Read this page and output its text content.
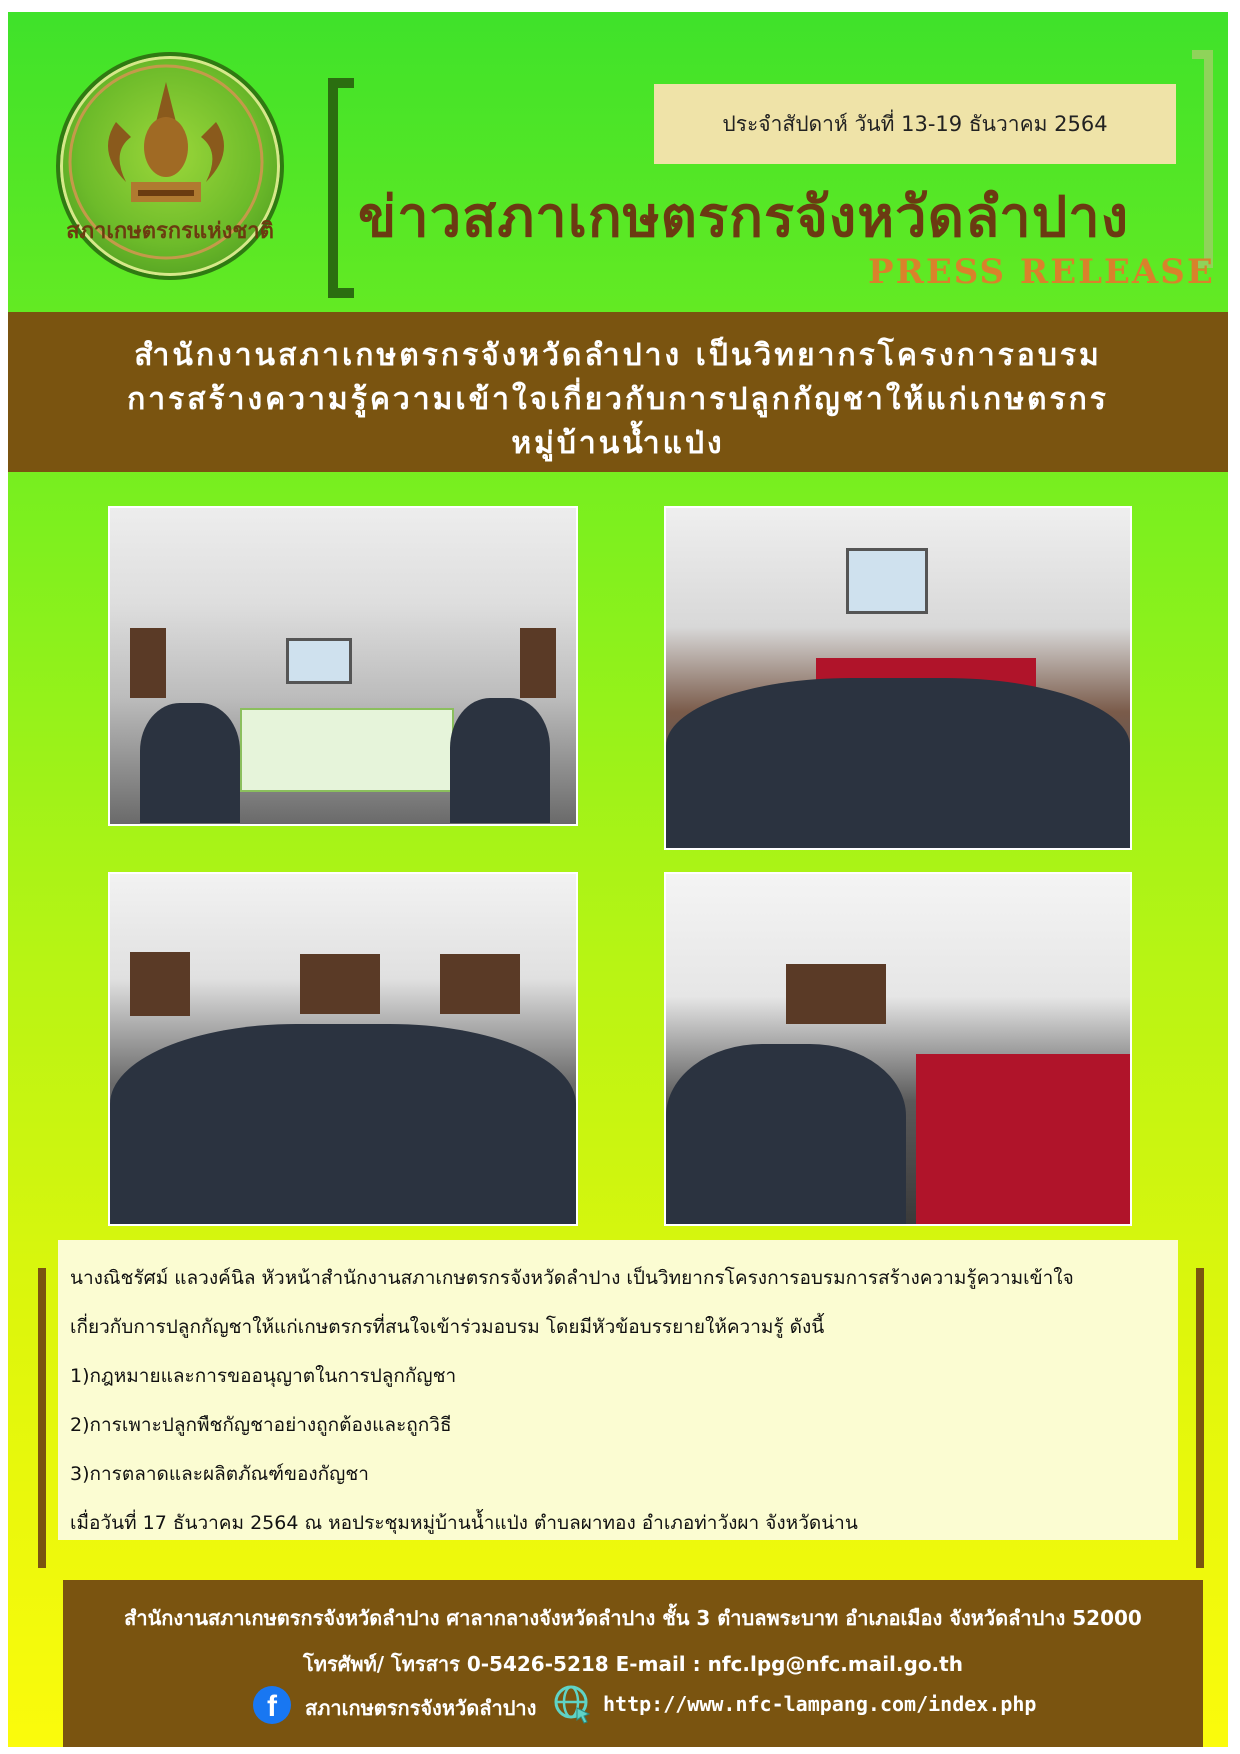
สภาเกษตรกรแห่งชาติ
ประจำสัปดาห์ วันที่ 13-19 ธันวาคม 2564
ข่าวสภาเกษตรกรจังหวัดลำปาง
PRESS RELEASE
สำนักงานสภาเกษตรกรจังหวัดลำปาง เป็นวิทยากรโครงการอบรม
การสร้างความรู้ความเข้าใจเกี่ยวกับการปลูกกัญชาให้แก่เกษตรกร
หมู่บ้านน้ำแป่ง

นางณิชรัศม์ แลวงค์นิล หัวหน้าสำนักงานสภาเกษตรกรจังหวัดลำปาง เป็นวิทยากรโครงการอบรมการสร้างความรู้ความเข้าใจ

เกี่ยวกับการปลูกกัญชาให้แก่เกษตรกรที่สนใจเข้าร่วมอบรม โดยมีหัวข้อบรรยายให้ความรู้ ดังนี้

1)กฎหมายและการขออนุญาตในการปลูกกัญชา

2)การเพาะปลูกพืชกัญชาอย่างถูกต้องและถูกวิธี

3)การตลาดและผลิตภัณฑ์ของกัญชา

เมื่อวันที่ 17 ธันวาคม 2564 ณ หอประชุมหมู่บ้านน้ำแป่ง ตำบลผาทอง อำเภอท่าวังผา จังหวัดน่าน

สำนักงานสภาเกษตรกรจังหวัดลำปาง ศาลากลางจังหวัดลำปาง ชั้น 3 ตำบลพระบาท อำเภอเมือง จังหวัดลำปาง 52000
โทรศัพท์/ โทรสาร 0-5426-5218 E-mail : nfc.lpg@nfc.mail.go.th
f	สภาเกษตรกรจังหวัดลำปาง	http://www.nfc-lampang.com/index.php
